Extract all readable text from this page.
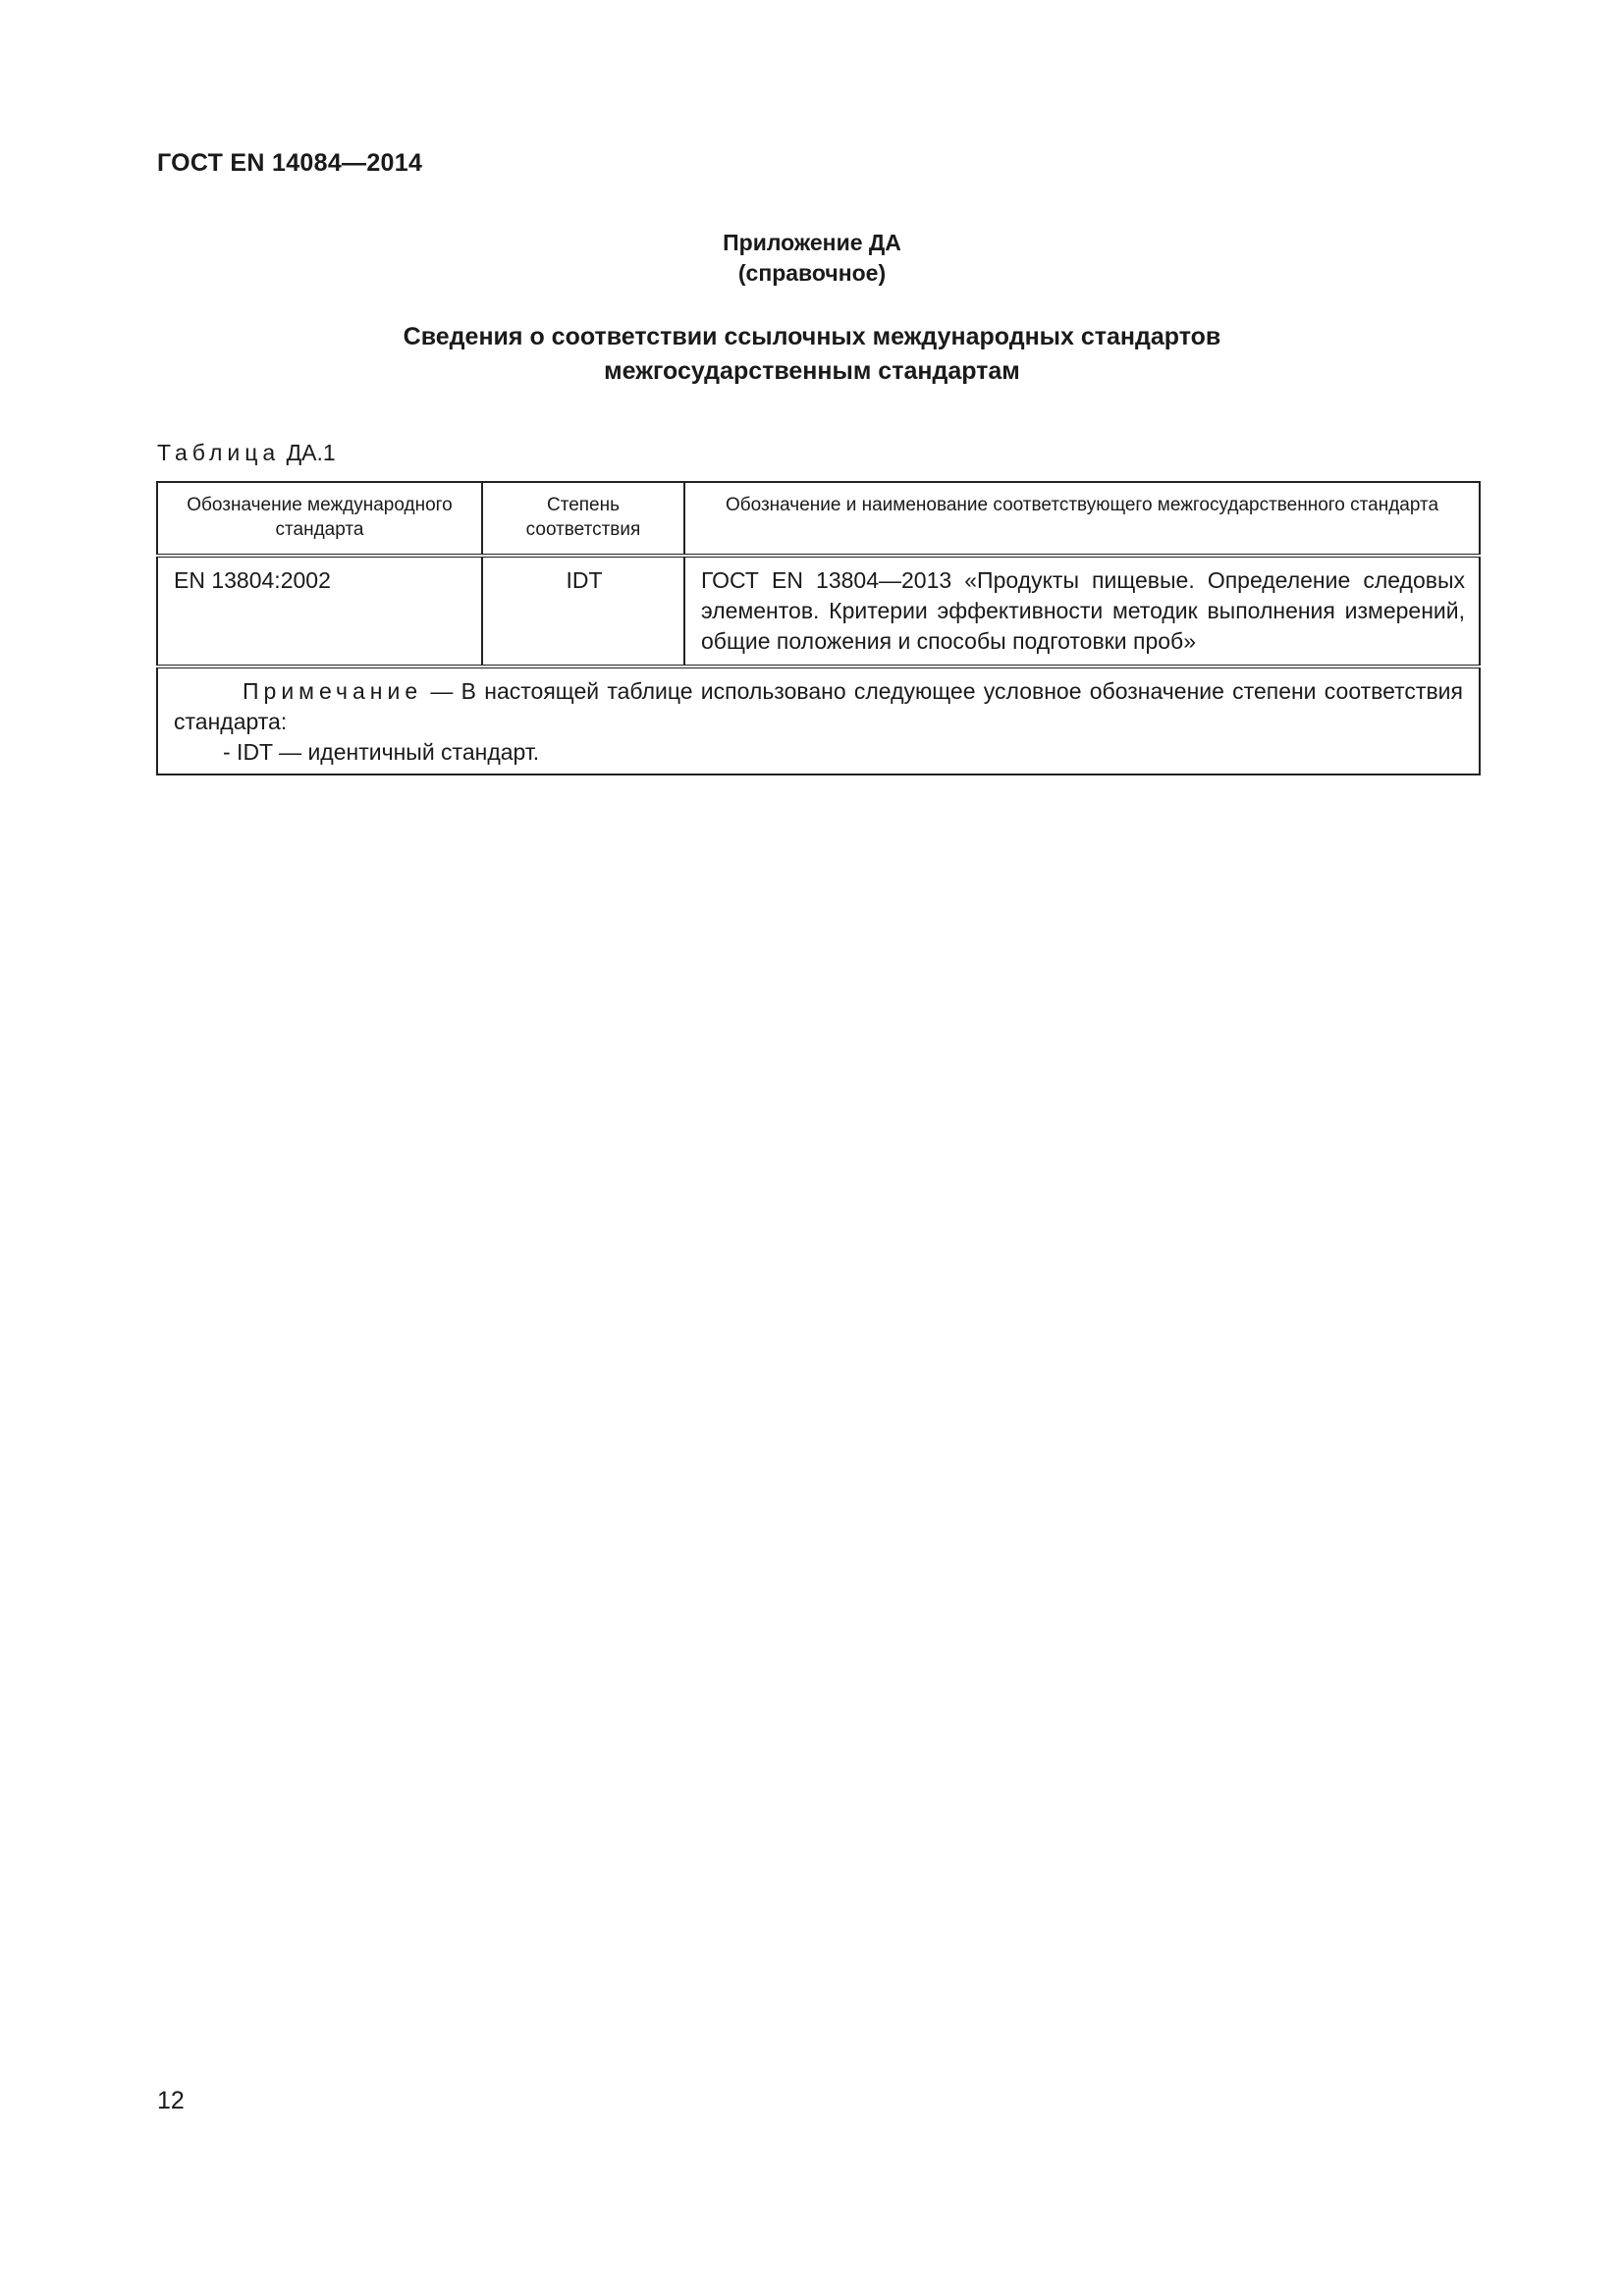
ГОСТ EN 14084—2014

Приложение ДА

(справочное)

Сведения о соответствии ссылочных международных стандартов

межгосударственным стандартам

Таблица ДА.1

Обозначение международного стандарта	Степень соответствия	Обозначение и наименование соответствующего межгосударственного стандарта
EN 13804:2002	IDT	ГОСТ EN 13804—2013 «Продукты пищевые. Определение следовых элементов. Критерии эффективности методик выполнения измерений, общие положения и способы подготовки проб»

Примечание — В настоящей таблице использовано следующее условное обозначение степени соответствия стандарта:

- IDT — идентичный стандарт.		

12
